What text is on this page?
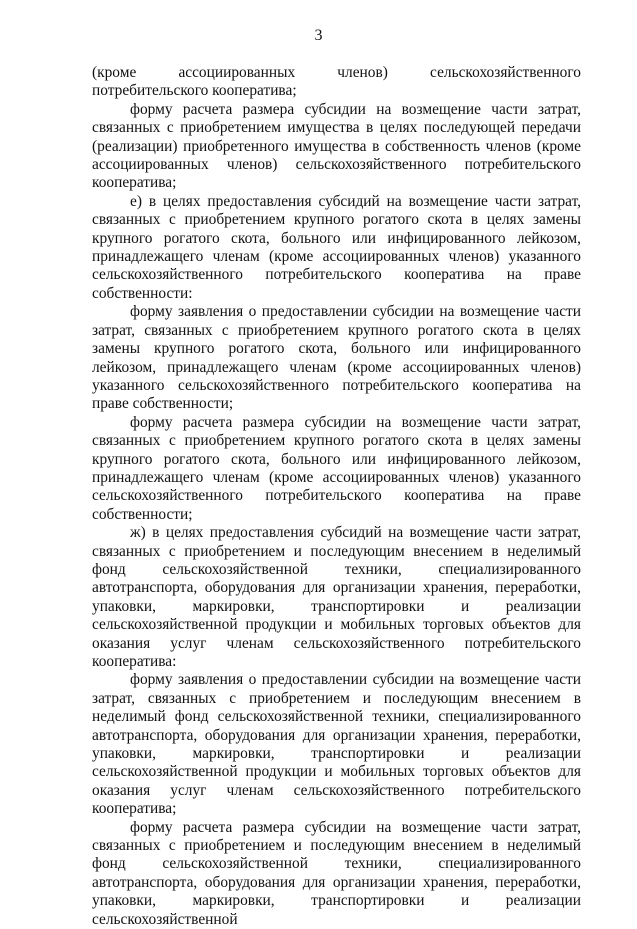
3

(кроме ассоциированных членов) сельскохозяйственного потребительского кооператива;

форму расчета размера субсидии на возмещение части затрат, связанных с приобретением имущества в целях последующей передачи (реализации) приобретенного имущества в собственность членов (кроме ассоциированных членов) сельскохозяйственного потребительского кооператива;

е) в целях предоставления субсидий на возмещение части затрат, связанных с приобретением крупного рогатого скота в целях замены крупного рогатого скота, больного или инфицированного лейкозом, принадлежащего членам (кроме ассоциированных членов) указанного сельскохозяйственного потребительского кооператива на праве собственности:

форму заявления о предоставлении субсидии на возмещение части затрат, связанных с приобретением крупного рогатого скота в целях замены крупного рогатого скота, больного или инфицированного лейкозом, принадлежащего членам (кроме ассоциированных членов) указанного сельскохозяйственного потребительского кооператива на праве собственности;

форму расчета размера субсидии на возмещение части затрат, связанных с приобретением крупного рогатого скота в целях замены крупного рогатого скота, больного или инфицированного лейкозом, принадлежащего членам (кроме ассоциированных членов) указанного сельскохозяйственного потребительского кооператива на праве собственности;

ж) в целях предоставления субсидий на возмещение части затрат, связанных с приобретением и последующим внесением в неделимый фонд сельскохозяйственной техники, специализированного автотранспорта, оборудования для организации хранения, переработки, упаковки, маркировки, транспортировки и реализации сельскохозяйственной продукции и мобильных торговых объектов для оказания услуг членам сельскохозяйственного потребительского кооператива:

форму заявления о предоставлении субсидии на возмещение части затрат, связанных с приобретением и последующим внесением в неделимый фонд сельскохозяйственной техники, специализированного автотранспорта, оборудования для организации хранения, переработки, упаковки, маркировки, транспортировки и реализации сельскохозяйственной продукции и мобильных торговых объектов для оказания услуг членам сельскохозяйственного потребительского кооператива;

форму расчета размера субсидии на возмещение части затрат, связанных с приобретением и последующим внесением в неделимый фонд сельскохозяйственной техники, специализированного автотранспорта, оборудования для организации хранения, переработки, упаковки, маркировки, транспортировки и реализации сельскохозяйственной
